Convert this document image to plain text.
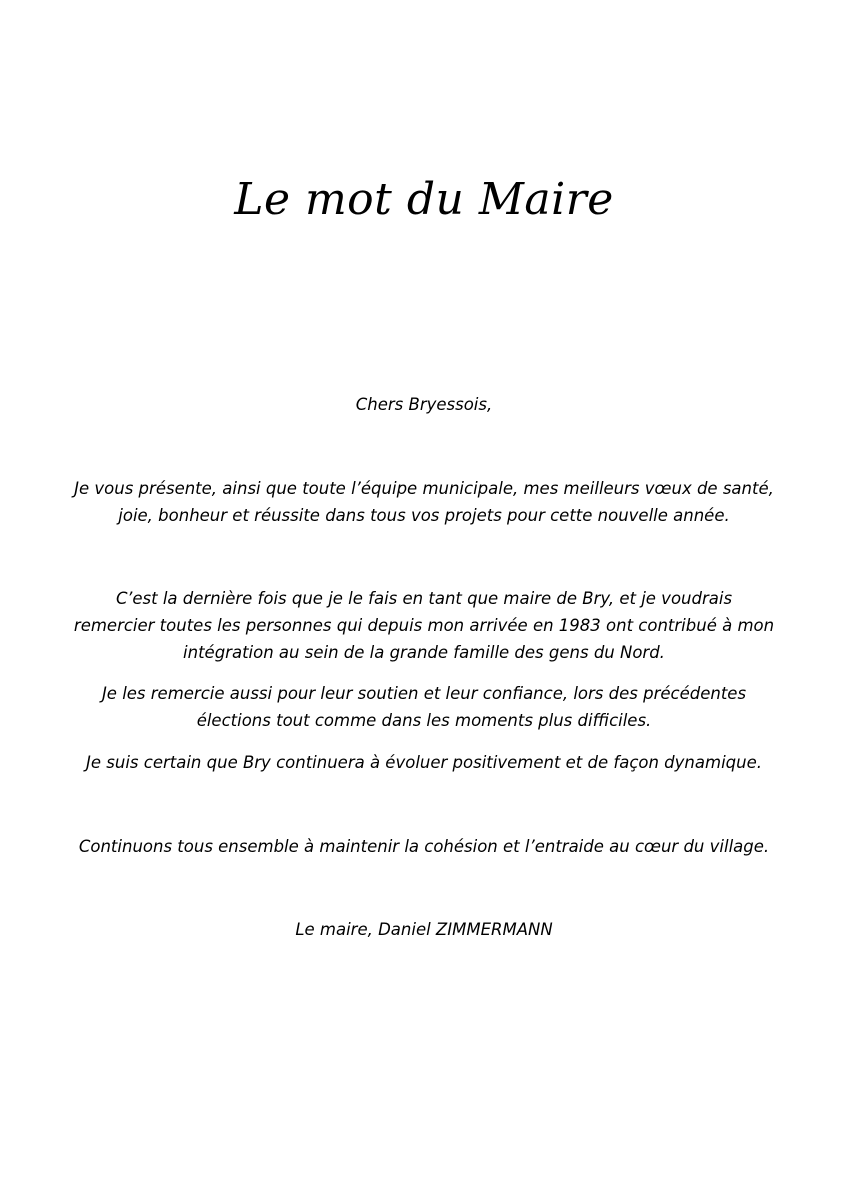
Le mot du Maire

Chers Bryessois,

Je vous présente, ainsi que toute l’équipe municipale, mes meilleurs vœux de santé,

joie, bonheur et réussite dans tous vos projets pour cette nouvelle année.

C’est la dernière fois que je le fais en tant que maire de Bry, et je voudrais

remercier toutes les personnes qui depuis mon arrivée en 1983 ont contribué à mon

intégration au sein de la grande famille des gens du Nord.

Je les remercie aussi pour leur soutien et leur confiance, lors des précédentes

élections tout comme dans les moments plus difficiles.

Je suis certain que Bry continuera à évoluer positivement et de façon dynamique.

Continuons tous ensemble à maintenir la cohésion et l’entraide au cœur du village.

Le maire, Daniel ZIMMERMANN
